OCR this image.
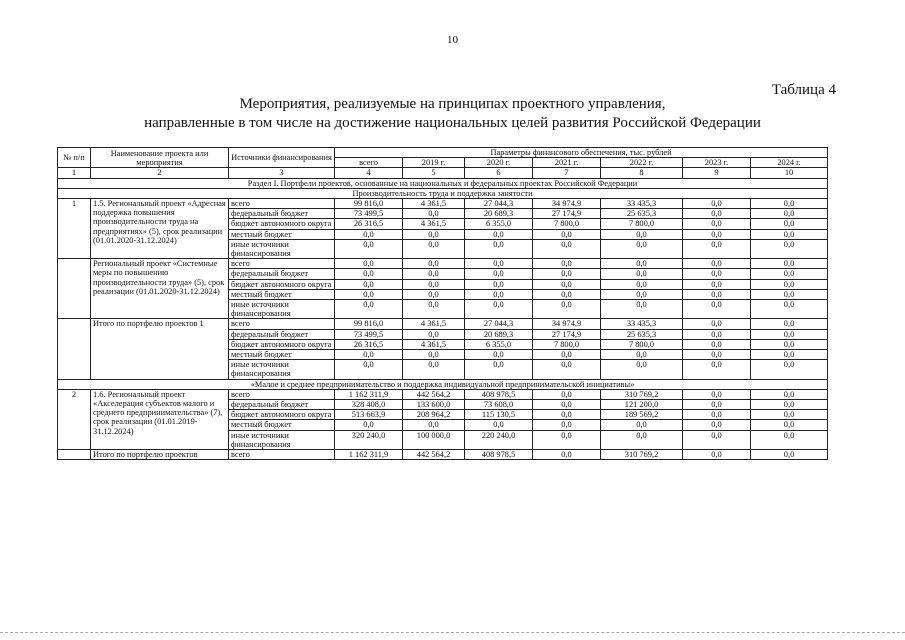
10
Таблица 4
Мероприятия, реализуемые на принципах проектного управления,
направленные в том числе на достижение национальных целей развития Российской Федерации
№ п/п	Наименование проекта или мероприятия	Источники финансирования	Параметры финансового обеспечения, тыс. рублей						
			всего	2019 г.	2020 г.	2021 г.	2022 г.	2023 г.	2024 г.
1	2	3	4	5	6	7	8	9	10
Раздел I. Портфели проектов, основанные на национальных и федеральных проектах Российской Федерации									
Производительность труда и поддержка занятости									
1	1.5. Региональный проект «Адресная поддержка повышения производительности труда на предприятиях» (5), срок реализации (01.01.2020-31.12.2024)	всего	99 816,0	4 361,5	27 044,3	34 974,9	33 435,3	0,0	0,0
		федеральный бюджет	73 499,5	0,0	20 689,3	27 174,9	25 635,3	0,0	0,0
		бюджет автономного округа	26 316,5	4 361,5	6 355,0	7 800,0	7 800,0	0,0	0,0
		местный бюджет	0,0	0,0	0,0	0,0	0,0	0,0	0,0
		иные источники финансирования	0,0	0,0	0,0	0,0	0,0	0,0	0,0
	Региональный проект «Системные меры по повышению производительности труда» (5), срок реализации (01.01.2020-31.12.2024)	всего	0,0	0,0	0,0	0,0	0,0	0,0	0,0
		федеральный бюджет	0,0	0,0	0,0	0,0	0,0	0,0	0,0
		бюджет автономного округа	0,0	0,0	0,0	0,0	0,0	0,0	0,0
		местный бюджет	0,0	0,0	0,0	0,0	0,0	0,0	0,0
		иные источники финансирования	0,0	0,0	0,0	0,0	0,0	0,0	0,0
	Итого по портфелю проектов 1	всего	99 816,0	4 361,5	27 044,3	34 974,9	33 435,3	0,0	0,0
		федеральный бюджет	73 499,5	0,0	20 689,3	27 174,9	25 635,3	0,0	0,0
		бюджет автономного округа	26 316,5	4 361,5	6 355,0	7 800,0	7 800,0	0,0	0,0
		местный бюджет	0,0	0,0	0,0	0,0	0,0	0,0	0,0
		иные источники финансирования	0,0	0,0	0,0	0,0	0,0	0,0	0,0
«Малое и среднее предпринимательство и поддержка индивидуальной предпринимательской инициативы»									
2	1.6. Региональный проект «Акселерация субъектов малого и среднего предпринимательства» (7), срок реализации (01.01.2019-31.12.2024)	всего	1 162 311,9	442 564,2	408 978,5	0,0	310 769,2	0,0	0,0
		федеральный бюджет	328 408,0	133 600,0	73 608,0	0,0	121 200,0	0,0	0,0
		бюджет автономного округа	513 663,9	208 964,2	115 130,5	0,0	189 569,2	0,0	0,0
		местный бюджет	0,0	0,0	0,0	0,0	0,0	0,0	0,0
		иные источники финансирования	320 240,0	100 000,0	220 240,0	0,0	0,0	0,0	0,0
	Итого по портфелю проектов	всего	1 162 311,9	442 564,2	408 978,5	0,0	310 769,2	0,0	0,0
